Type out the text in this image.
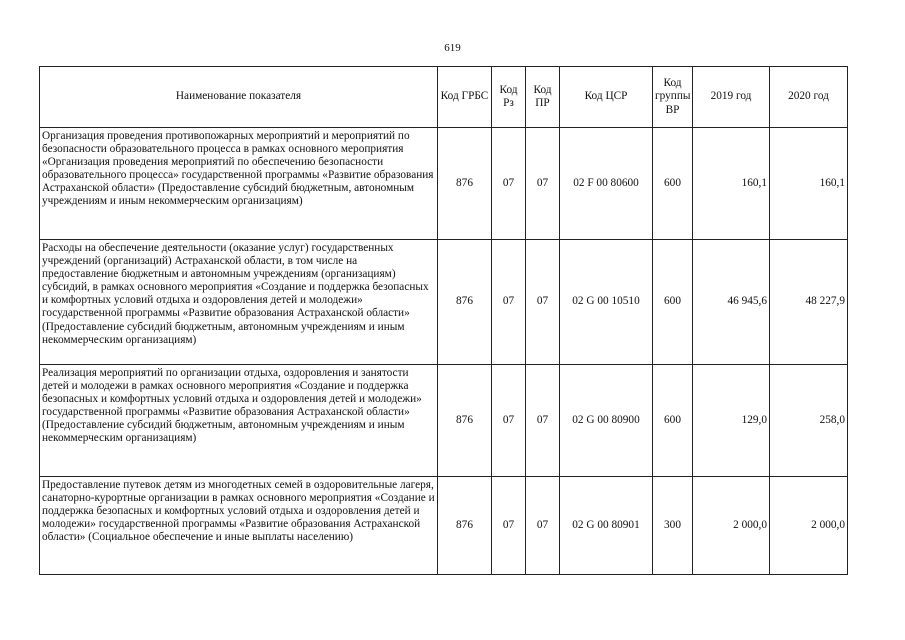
619
Наименование показателя	Код ГРБС	Код Рз	Код ПР	Код ЦСР	Код группы ВР	2019 год	2020 год
Организация проведения противопожарных мероприятий и мероприятий по безопасности образовательного процесса в рамках основного мероприятия «Организация проведения мероприятий по обеспечению безопасности образовательного процесса» государственной программы «Развитие образования Астраханской области» (Предоставление субсидий бюджетным, автономным учреждениям и иным некоммерческим организациям)	876	07	07	02 F 00 80600	600	160,1	160,1
Расходы на обеспечение деятельности (оказание услуг) государственных учреждений (организаций) Астраханской области, в том числе на предоставление бюджетным и автономным учреждениям (организациям) субсидий, в рамках основного мероприятия «Создание и поддержка безопасных и комфортных условий отдыха и оздоровления детей и молодежи» государственной программы «Развитие образования Астраханской области» (Предоставление субсидий бюджетным, автономным учреждениям и иным некоммерческим организациям)	876	07	07	02 G 00 10510	600	46 945,6	48 227,9
Реализация мероприятий по организации отдыха, оздоровления и занятости детей и молодежи в рамках основного мероприятия «Создание и поддержка безопасных и комфортных условий отдыха и оздоровления детей и молодежи» государственной программы «Развитие образования Астраханской области» (Предоставление субсидий бюджетным, автономным учреждениям и иным некоммерческим организациям)	876	07	07	02 G 00 80900	600	129,0	258,0
Предоставление путевок детям из многодетных семей в оздоровительные лагеря, санаторно-курортные организации в рамках основного мероприятия «Создание и поддержка безопасных и комфортных условий отдыха и оздоровления детей и молодежи» государственной программы «Развитие образования Астраханской области» (Социальное обеспечение и иные выплаты населению)	876	07	07	02 G 00 80901	300	2 000,0	2 000,0
